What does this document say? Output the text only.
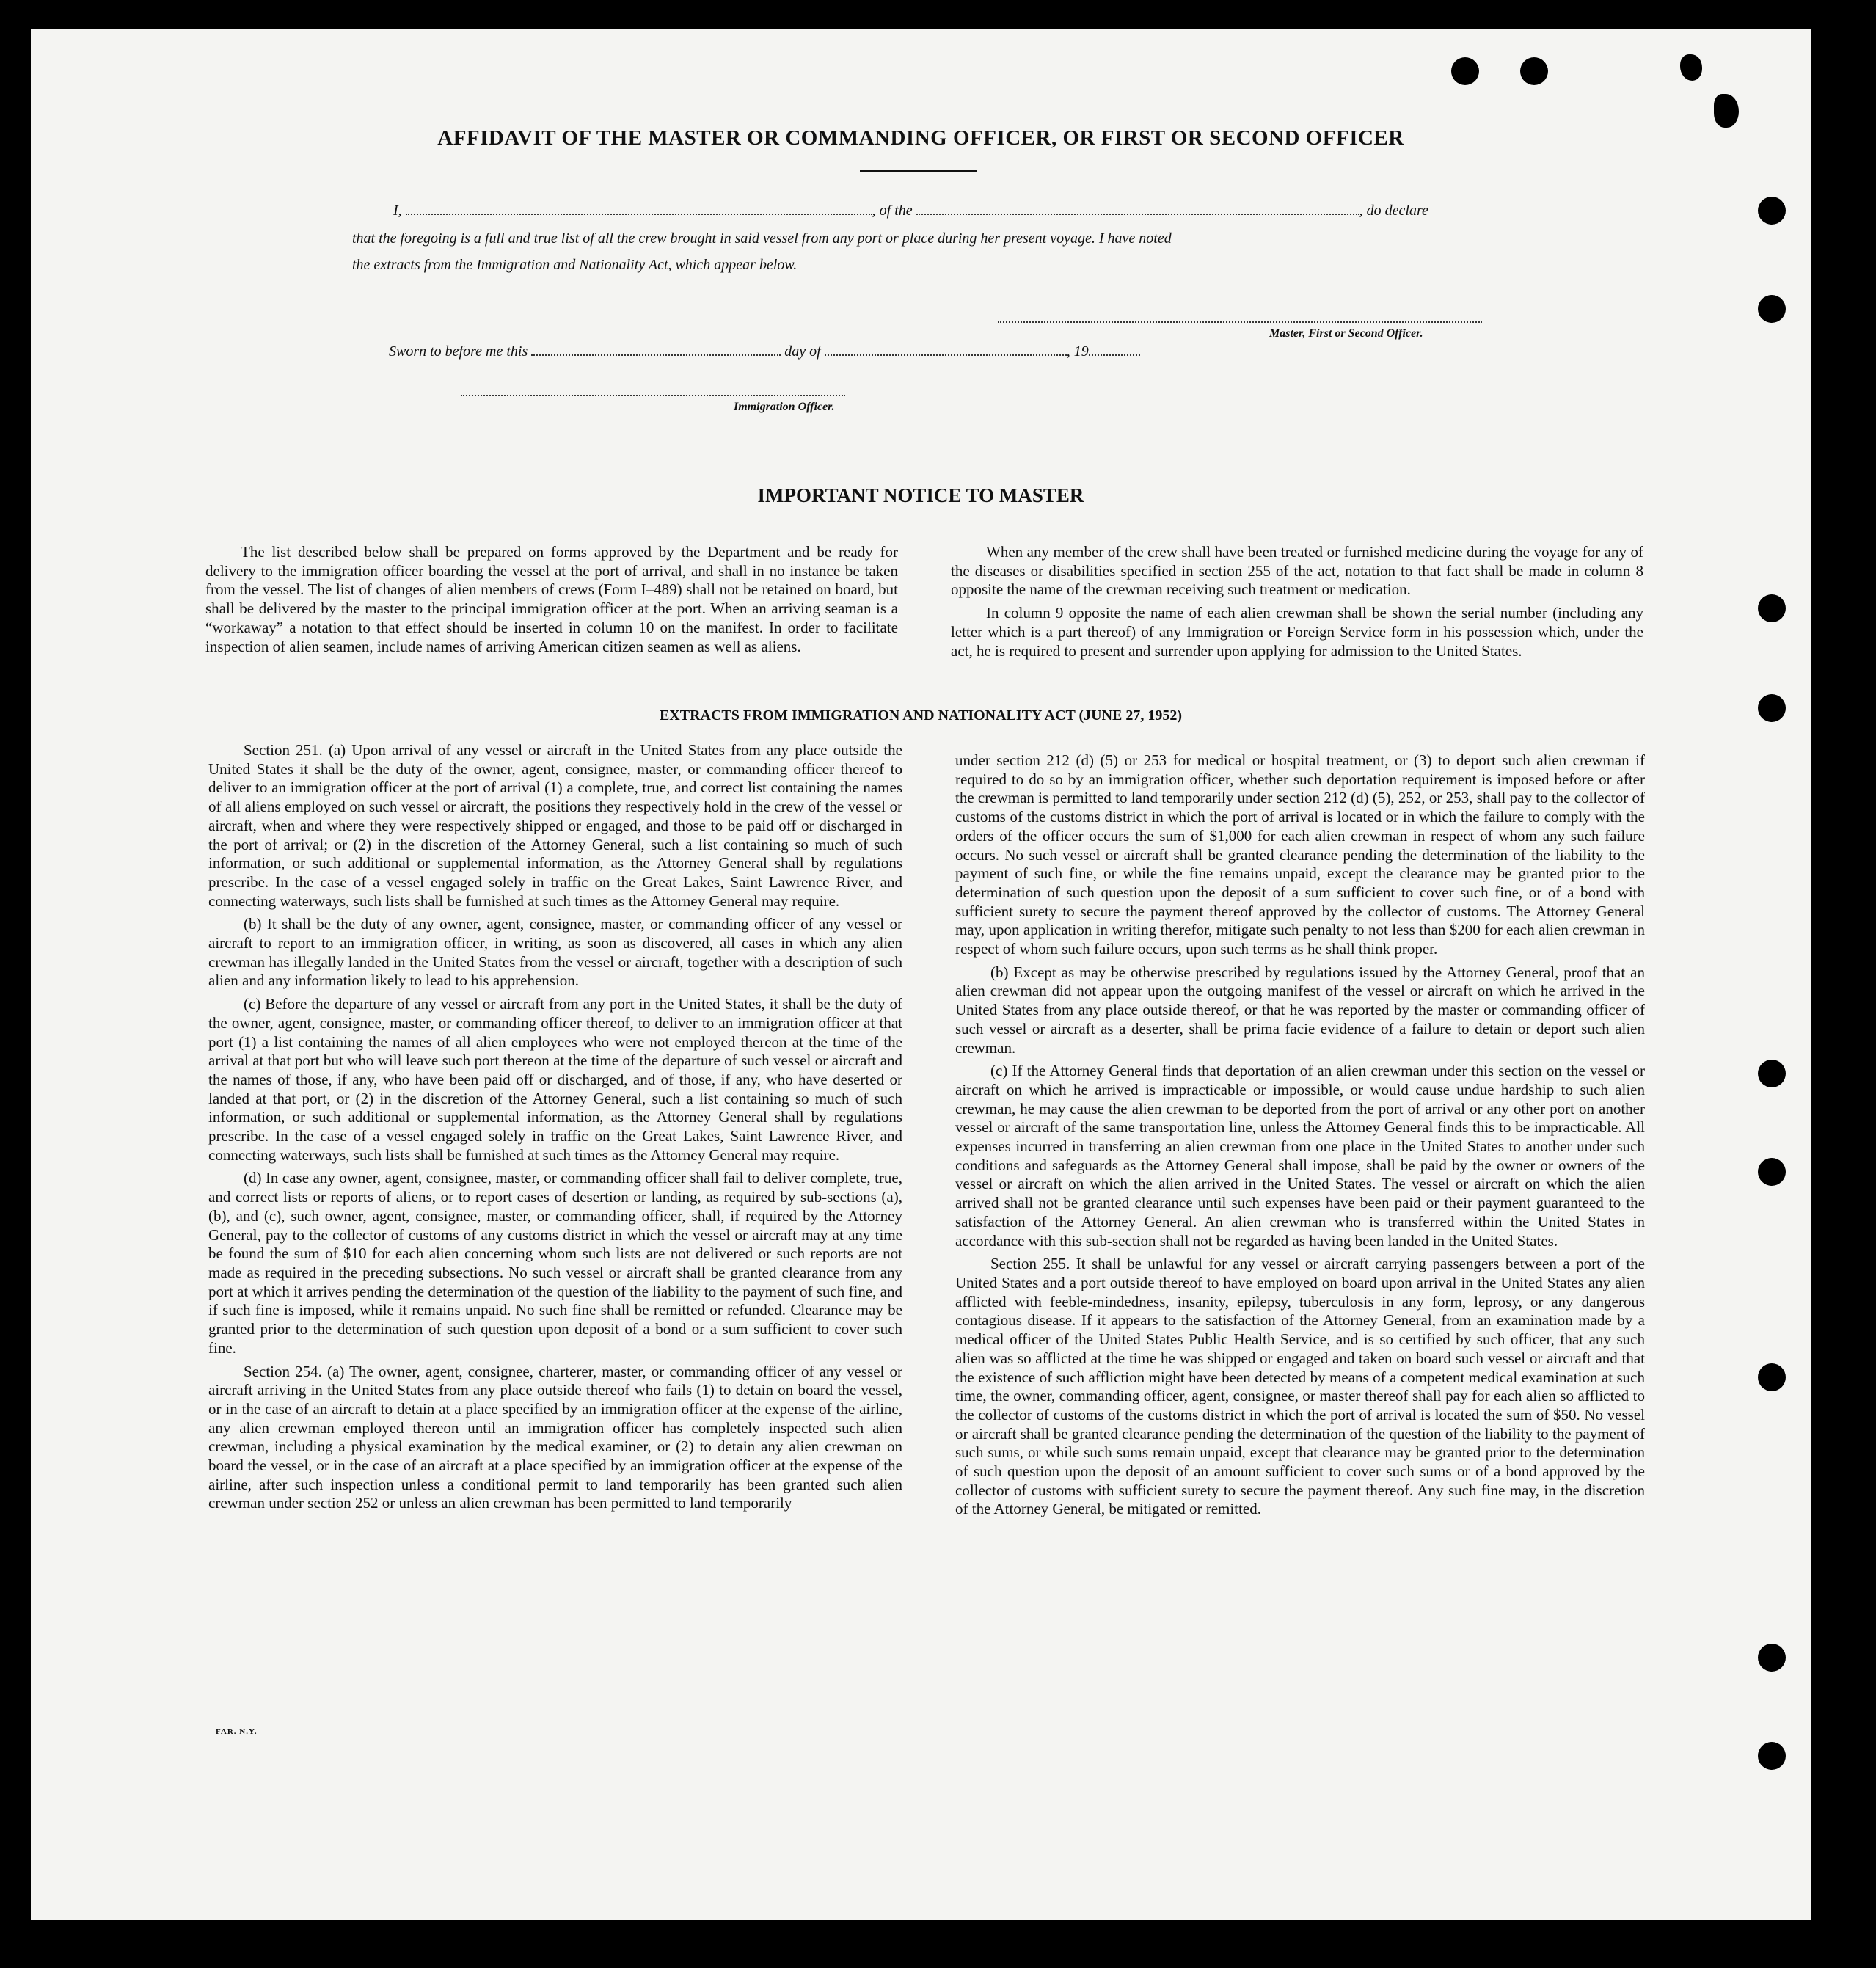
AFFIDAVIT OF THE MASTER OR COMMANDING OFFICER, OR FIRST OR SECOND OFFICER
I,	, of the	, do declare
that the foregoing is a full and true list of all the crew brought in said vessel from any port or place during her present voyage. I have noted
the extracts from the Immigration and Nationality Act, which appear below.
Master, First or Second Officer.
Sworn to before me this	day of	, 19
Immigration Officer.
IMPORTANT NOTICE TO MASTER

The list described below shall be prepared on forms approved by the Department and be ready for delivery to the immigration officer boarding the vessel at the port of arrival, and shall in no instance be taken from the vessel. The list of changes of alien members of crews (Form I–489) shall not be retained on board, but shall be delivered by the master to the principal immigration officer at the port. When an arriving seaman is a “workaway” a notation to that effect should be inserted in column 10 on the manifest. In order to facilitate inspection of alien seamen, include names of arriving American citizen seamen as well as aliens.

When any member of the crew shall have been treated or furnished medicine during the voyage for any of the diseases or disabilities specified in section 255 of the act, notation to that fact shall be made in column 8 opposite the name of the crewman receiving such treatment or medication.

In column 9 opposite the name of each alien crewman shall be shown the serial number (including any letter which is a part thereof) of any Immigration or Foreign Service form in his possession which, under the act, he is required to present and surrender upon applying for admission to the United States.

EXTRACTS FROM IMMIGRATION AND NATIONALITY ACT (JUNE 27, 1952)

Section 251. (a) Upon arrival of any vessel or aircraft in the United States from any place outside the United States it shall be the duty of the owner, agent, consignee, master, or commanding officer thereof to deliver to an immigration officer at the port of arrival (1) a complete, true, and correct list containing the names of all aliens employed on such vessel or aircraft, the positions they respectively hold in the crew of the vessel or aircraft, when and where they were respectively shipped or engaged, and those to be paid off or discharged in the port of arrival; or (2) in the discretion of the Attorney General, such a list containing so much of such information, or such additional or supplemental information, as the Attorney General shall by regulations prescribe. In the case of a vessel engaged solely in traffic on the Great Lakes, Saint Lawrence River, and connecting waterways, such lists shall be furnished at such times as the Attorney General may require.

(b) It shall be the duty of any owner, agent, consignee, master, or commanding officer of any vessel or aircraft to report to an immigration officer, in writing, as soon as discovered, all cases in which any alien crewman has illegally landed in the United States from the vessel or aircraft, together with a description of such alien and any information likely to lead to his apprehension.

(c) Before the departure of any vessel or aircraft from any port in the United States, it shall be the duty of the owner, agent, consignee, master, or commanding officer thereof, to deliver to an immigration officer at that port (1) a list containing the names of all alien employees who were not employed thereon at the time of the arrival at that port but who will leave such port thereon at the time of the departure of such vessel or aircraft and the names of those, if any, who have been paid off or discharged, and of those, if any, who have deserted or landed at that port, or (2) in the discretion of the Attorney General, such a list containing so much of such information, or such additional or supplemental information, as the Attorney General shall by regulations prescribe. In the case of a vessel engaged solely in traffic on the Great Lakes, Saint Lawrence River, and connecting waterways, such lists shall be furnished at such times as the Attorney General may require.

(d) In case any owner, agent, consignee, master, or commanding officer shall fail to deliver complete, true, and correct lists or reports of aliens, or to report cases of desertion or landing, as required by sub-sections (a), (b), and (c), such owner, agent, consignee, master, or commanding officer, shall, if required by the Attorney General, pay to the collector of customs of any customs district in which the vessel or aircraft may at any time be found the sum of $10 for each alien concerning whom such lists are not delivered or such reports are not made as required in the preceding subsections. No such vessel or aircraft shall be granted clearance from any port at which it arrives pending the determination of the question of the liability to the payment of such fine, and if such fine is imposed, while it remains unpaid. No such fine shall be remitted or refunded. Clearance may be granted prior to the determination of such question upon deposit of a bond or a sum sufficient to cover such fine.

Section 254. (a) The owner, agent, consignee, charterer, master, or commanding officer of any vessel or aircraft arriving in the United States from any place outside thereof who fails (1) to detain on board the vessel, or in the case of an aircraft to detain at a place specified by an immigration officer at the expense of the airline, any alien crewman employed thereon until an immigration officer has completely inspected such alien crewman, including a physical examination by the medical examiner, or (2) to detain any alien crewman on board the vessel, or in the case of an aircraft at a place specified by an immigration officer at the expense of the airline, after such inspection unless a conditional permit to land temporarily has been granted such alien crewman under section 252 or unless an alien crewman has been permitted to land temporarily

under section 212 (d) (5) or 253 for medical or hospital treatment, or (3) to deport such alien crewman if required to do so by an immigration officer, whether such deportation requirement is imposed before or after the crewman is permitted to land temporarily under section 212 (d) (5), 252, or 253, shall pay to the collector of customs of the customs district in which the port of arrival is located or in which the failure to comply with the orders of the officer occurs the sum of $1,000 for each alien crewman in respect of whom any such failure occurs. No such vessel or aircraft shall be granted clearance pending the determination of the liability to the payment of such fine, or while the fine remains unpaid, except the clearance may be granted prior to the determination of such question upon the deposit of a sum sufficient to cover such fine, or of a bond with sufficient surety to secure the payment thereof approved by the collector of customs. The Attorney General may, upon application in writing therefor, mitigate such penalty to not less than $200 for each alien crewman in respect of whom such failure occurs, upon such terms as he shall think proper.

(b) Except as may be otherwise prescribed by regulations issued by the Attorney General, proof that an alien crewman did not appear upon the outgoing manifest of the vessel or aircraft on which he arrived in the United States from any place outside thereof, or that he was reported by the master or commanding officer of such vessel or aircraft as a deserter, shall be prima facie evidence of a failure to detain or deport such alien crewman.

(c) If the Attorney General finds that deportation of an alien crewman under this section on the vessel or aircraft on which he arrived is impracticable or impossible, or would cause undue hardship to such alien crewman, he may cause the alien crewman to be deported from the port of arrival or any other port on another vessel or aircraft of the same transportation line, unless the Attorney General finds this to be impracticable. All expenses incurred in transferring an alien crewman from one place in the United States to another under such conditions and safeguards as the Attorney General shall impose, shall be paid by the owner or owners of the vessel or aircraft on which the alien arrived in the United States. The vessel or aircraft on which the alien arrived shall not be granted clearance until such expenses have been paid or their payment guaranteed to the satisfaction of the Attorney General. An alien crewman who is transferred within the United States in accordance with this sub-section shall not be regarded as having been landed in the United States.

Section 255. It shall be unlawful for any vessel or aircraft carrying passengers between a port of the United States and a port outside thereof to have employed on board upon arrival in the United States any alien afflicted with feeble-mindedness, insanity, epilepsy, tuberculosis in any form, leprosy, or any dangerous contagious disease. If it appears to the satisfaction of the Attorney General, from an examination made by a medical officer of the United States Public Health Service, and is so certified by such officer, that any such alien was so afflicted at the time he was shipped or engaged and taken on board such vessel or aircraft and that the existence of such affliction might have been detected by means of a competent medical examination at such time, the owner, commanding officer, agent, consignee, or master thereof shall pay for each alien so afflicted to the collector of customs of the customs district in which the port of arrival is located the sum of $50. No vessel or aircraft shall be granted clearance pending the determination of the question of the liability to the payment of such sums, or while such sums remain unpaid, except that clearance may be granted prior to the determination of such question upon the deposit of an amount sufficient to cover such sums or of a bond approved by the collector of customs with sufficient surety to secure the payment thereof. Any such fine may, in the discretion of the Attorney General, be mitigated or remitted.

FAR. N.Y.
